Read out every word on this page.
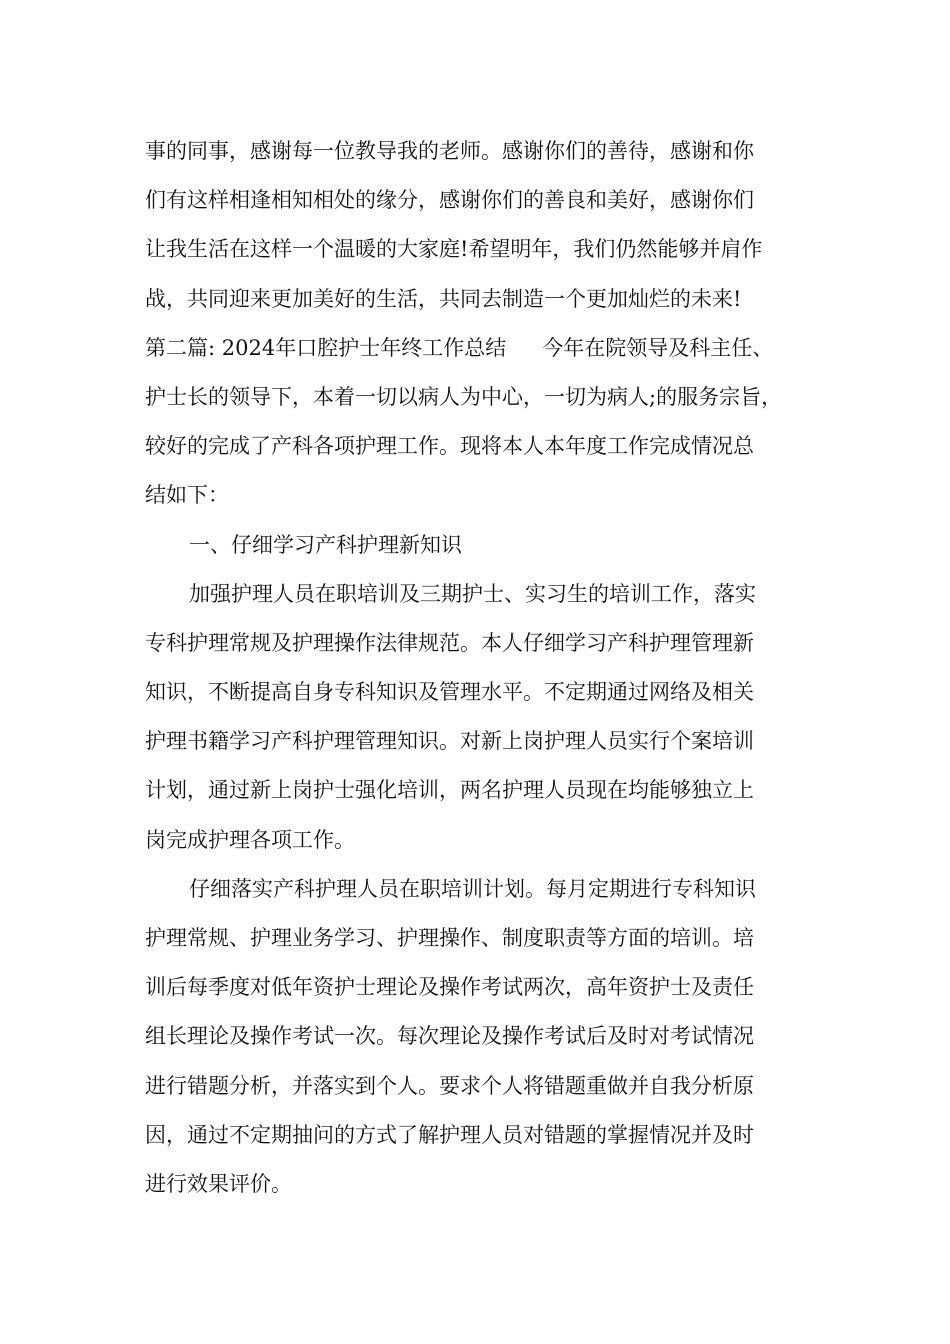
事的同事，感谢每一位教导我的老师。感谢你们的善待，感谢和你
们有这样相逢相知相处的缘分，感谢你们的善良和美好，感谢你们
让我生活在这样一个温暖的大家庭!希望明年，我们仍然能够并肩作
战，共同迎来更加美好的生活，共同去制造一个更加灿烂的未来!
第二篇: 2024年口腔护士年终工作总结 今年在院领导及科主任、
护士长的领导下，本着一切以病人为中心，一切为病人;的服务宗旨，
较好的完成了产科各项护理工作。现将本人本年度工作完成情况总
结如下：
一、仔细学习产科护理新知识
加强护理人员在职培训及三期护士、实习生的培训工作，落实
专科护理常规及护理操作法律规范。本人仔细学习产科护理管理新
知识，不断提高自身专科知识及管理水平。不定期通过网络及相关
护理书籍学习产科护理管理知识。对新上岗护理人员实行个案培训
计划，通过新上岗护士强化培训，两名护理人员现在均能够独立上
岗完成护理各项工作。
仔细落实产科护理人员在职培训计划。每月定期进行专科知识
护理常规、护理业务学习、护理操作、制度职责等方面的培训。培
训后每季度对低年资护士理论及操作考试两次，高年资护士及责任
组长理论及操作考试一次。每次理论及操作考试后及时对考试情况
进行错题分析，并落实到个人。要求个人将错题重做并自我分析原
因，通过不定期抽问的方式了解护理人员对错题的掌握情况并及时
进行效果评价。
